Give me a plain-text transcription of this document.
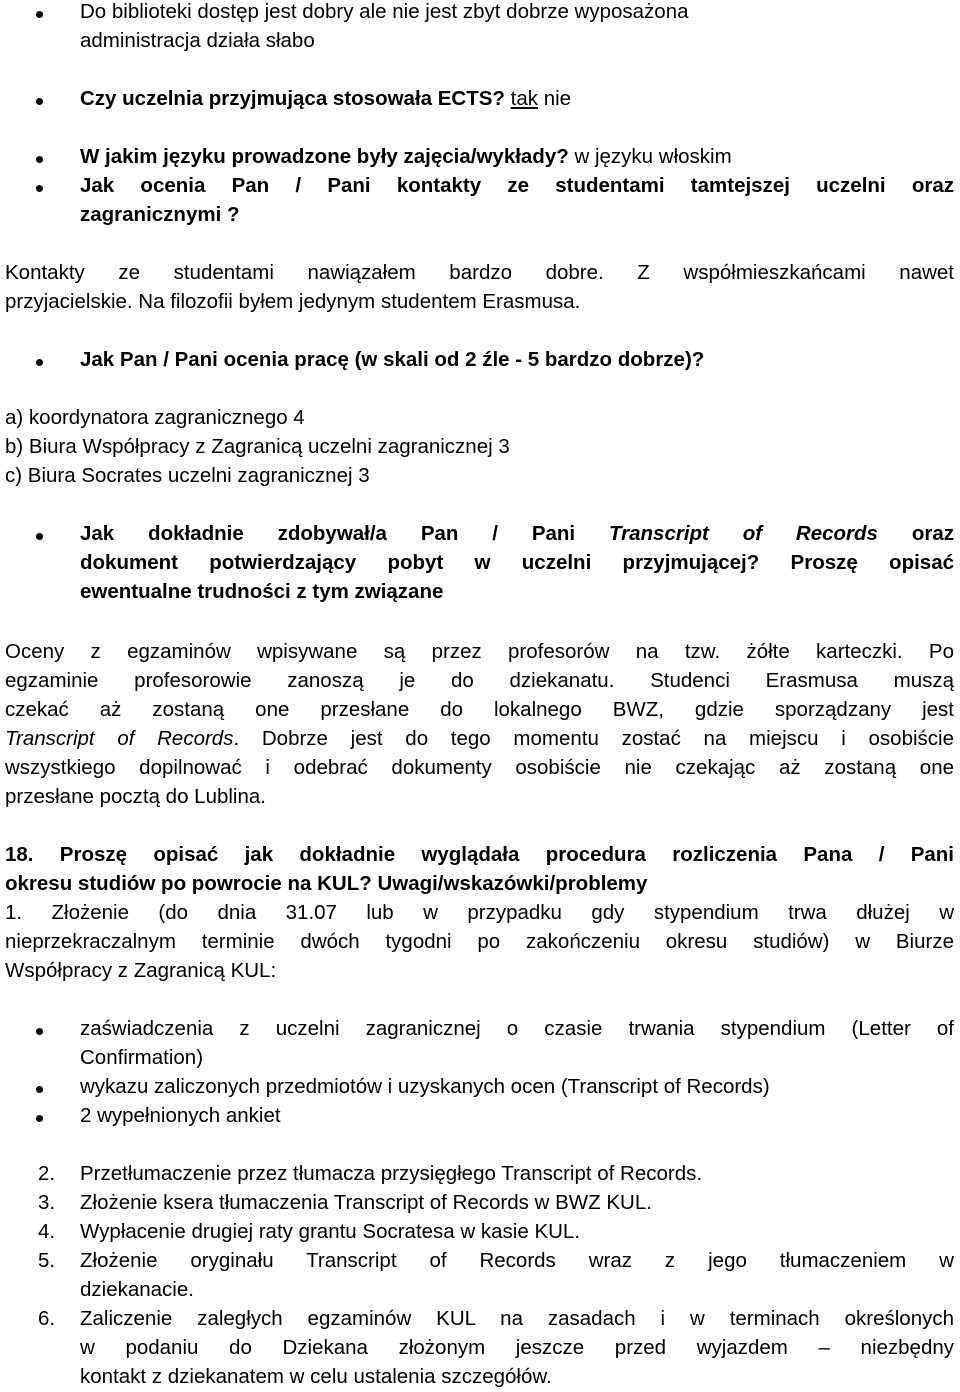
Do biblioteki dostęp jest dobry ale nie jest zbyt dobrze wyposażona
administracja działa słabo
Czy uczelnia przyjmująca stosowała ECTS? tak nie
W jakim języku prowadzone były zajęcia/wykłady? w języku włoskim
Jak ocenia Pan / Pani kontakty ze studentami tamtejszej uczelni oraz
zagranicznymi ?
Kontakty ze studentami nawiązałem bardzo dobre. Z współmieszkańcami nawet
przyjacielskie. Na filozofii byłem jedynym studentem Erasmusa.
Jak Pan / Pani ocenia pracę (w skali od 2 źle - 5 bardzo dobrze)?
a) koordynatora zagranicznego 4
b) Biura Współpracy z Zagranicą uczelni zagranicznej 3
c) Biura Socrates uczelni zagranicznej 3
Jak dokładnie zdobywał/a Pan / Pani Transcript of Records oraz
dokument potwierdzający pobyt w uczelni przyjmującej? Proszę opisać
ewentualne trudności z tym związane
Oceny z egzaminów wpisywane są przez profesorów na tzw. żółte karteczki. Po
egzaminie profesorowie zanoszą je do dziekanatu. Studenci Erasmusa muszą
czekać aż zostaną one przesłane do lokalnego BWZ, gdzie sporządzany jest
Transcript of Records. Dobrze jest do tego momentu zostać na miejscu i osobiście
wszystkiego dopilnować i odebrać dokumenty osobiście nie czekając aż zostaną one
przesłane pocztą do Lublina.
18. Proszę opisać jak dokładnie wyglądała procedura rozliczenia Pana / Pani
okresu studiów po powrocie na KUL? Uwagi/wskazówki/problemy
1. Złożenie (do dnia 31.07 lub w przypadku gdy stypendium trwa dłużej w
nieprzekraczalnym terminie dwóch tygodni po zakończeniu okresu studiów) w Biurze
Współpracy z Zagranicą KUL:
zaświadczenia z uczelni zagranicznej o czasie trwania stypendium (Letter of
Confirmation)
wykazu zaliczonych przedmiotów i uzyskanych ocen (Transcript of Records)
2 wypełnionych ankiet
2. Przetłumaczenie przez tłumacza przysięgłego Transcript of Records.
3. Złożenie ksera tłumaczenia Transcript of Records w BWZ KUL.
4. Wypłacenie drugiej raty grantu Socratesa w kasie KUL.
5. Złożenie oryginału Transcript of Records wraz z jego tłumaczeniem w
dziekanacie.
6. Zaliczenie zaległych egzaminów KUL na zasadach i w terminach określonych
w podaniu do Dziekana złożonym jeszcze przed wyjazdem – niezbędny
kontakt z dziekanatem w celu ustalenia szczegółów.
